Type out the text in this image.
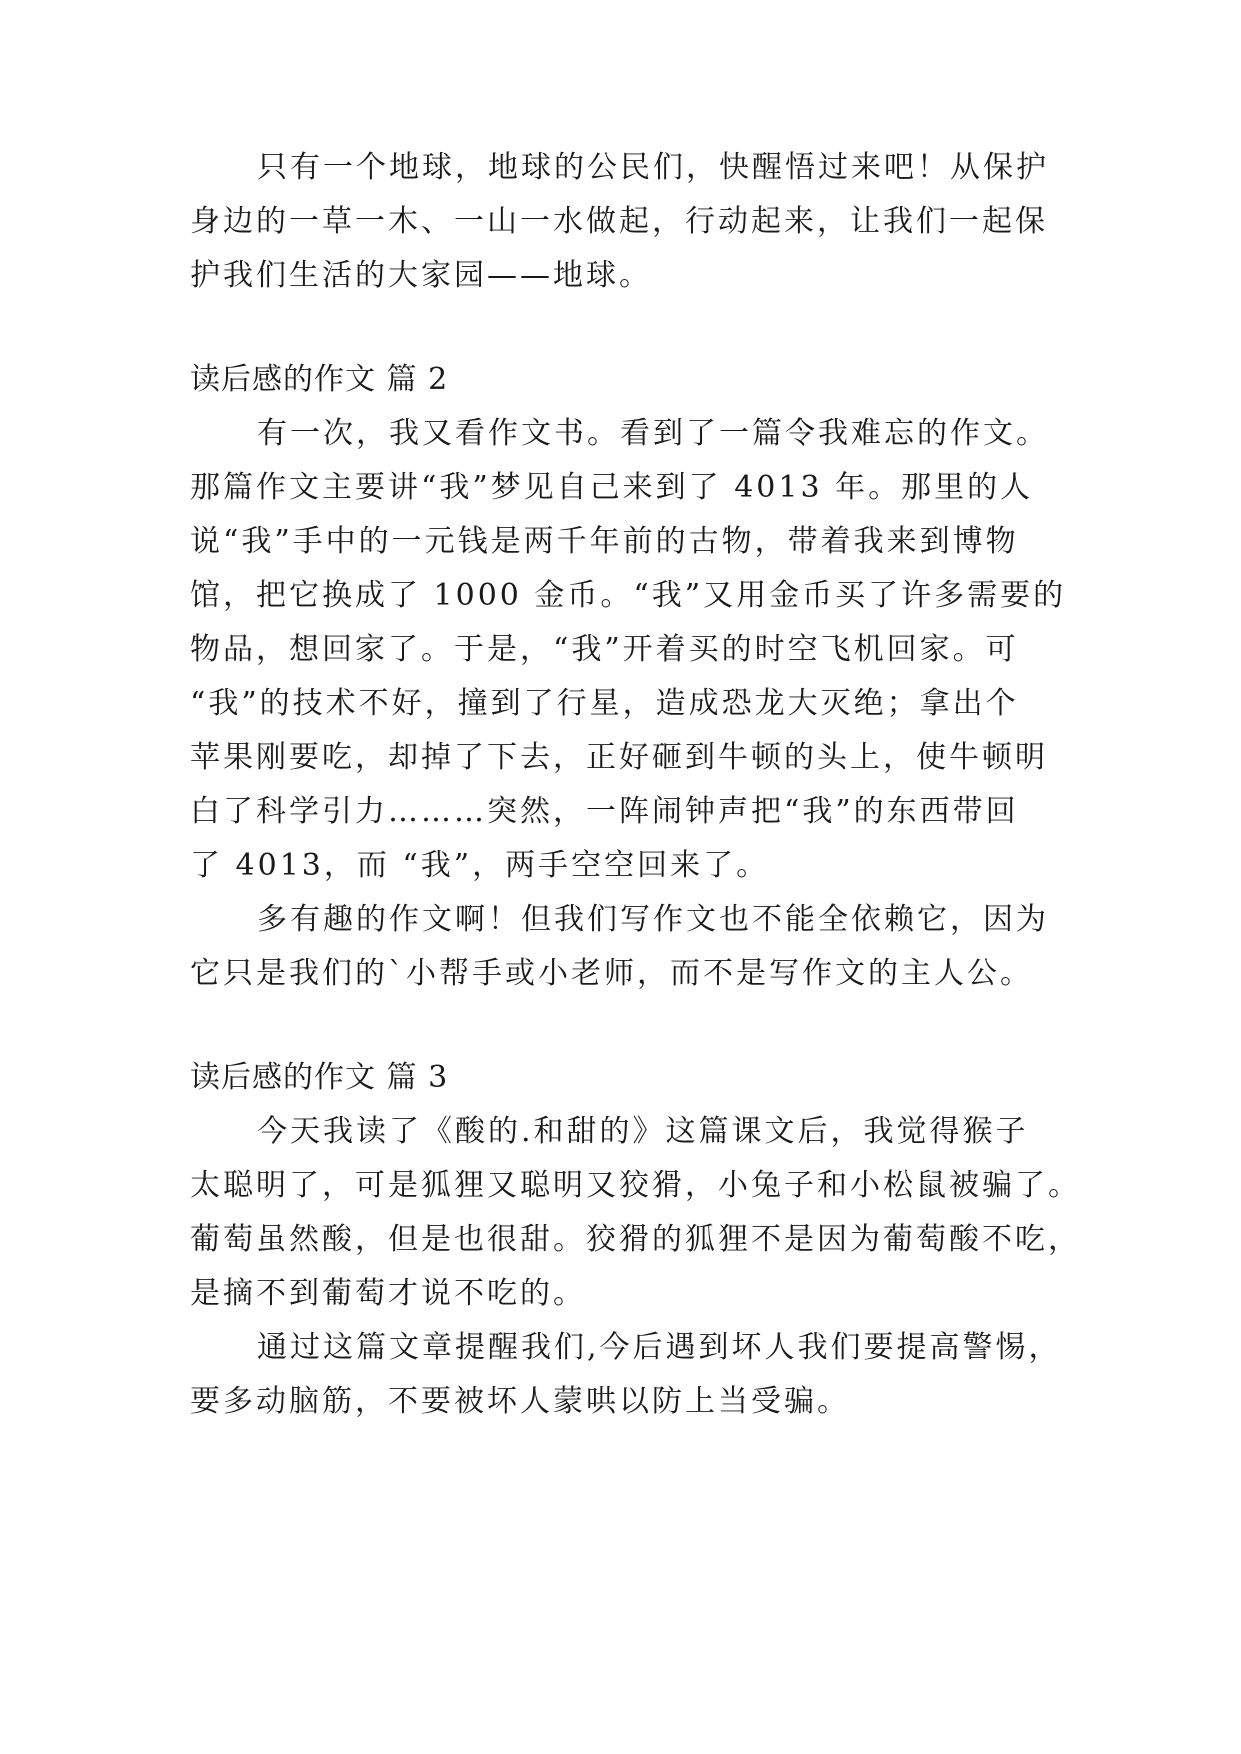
只有一个地球，地球的公民们，快醒悟过来吧！从保护
身边的一草一木、一山一水做起，行动起来，让我们一起保
护我们生活的大家园——地球。
读后感的作文 篇 2
有一次，我又看作文书。看到了一篇令我难忘的作文。
那篇作文主要讲“我”梦见自己来到了 4013 年。那里的人
说“我”手中的一元钱是两千年前的古物，带着我来到博物
馆，把它换成了 1000 金币。“我”又用金币买了许多需要的
物品，想回家了。于是，“我”开着买的时空飞机回家。可
“我”的技术不好，撞到了行星，造成恐龙大灭绝；拿出个
苹果刚要吃，却掉了下去，正好砸到牛顿的头上，使牛顿明
白了科学引力………突然，一阵闹钟声把“我”的东西带回
了 4013，而 “我”，两手空空回来了。
多有趣的作文啊！但我们写作文也不能全依赖它，因为
它只是我们的`小帮手或小老师，而不是写作文的主人公。
读后感的作文 篇 3
今天我读了《酸的.和甜的》这篇课文后，我觉得猴子
太聪明了，可是狐狸又聪明又狡猾，小兔子和小松鼠被骗了。
葡萄虽然酸，但是也很甜。狡猾的狐狸不是因为葡萄酸不吃，
是摘不到葡萄才说不吃的。
通过这篇文章提醒我们,今后遇到坏人我们要提高警惕，
要多动脑筋，不要被坏人蒙哄以防上当受骗。
